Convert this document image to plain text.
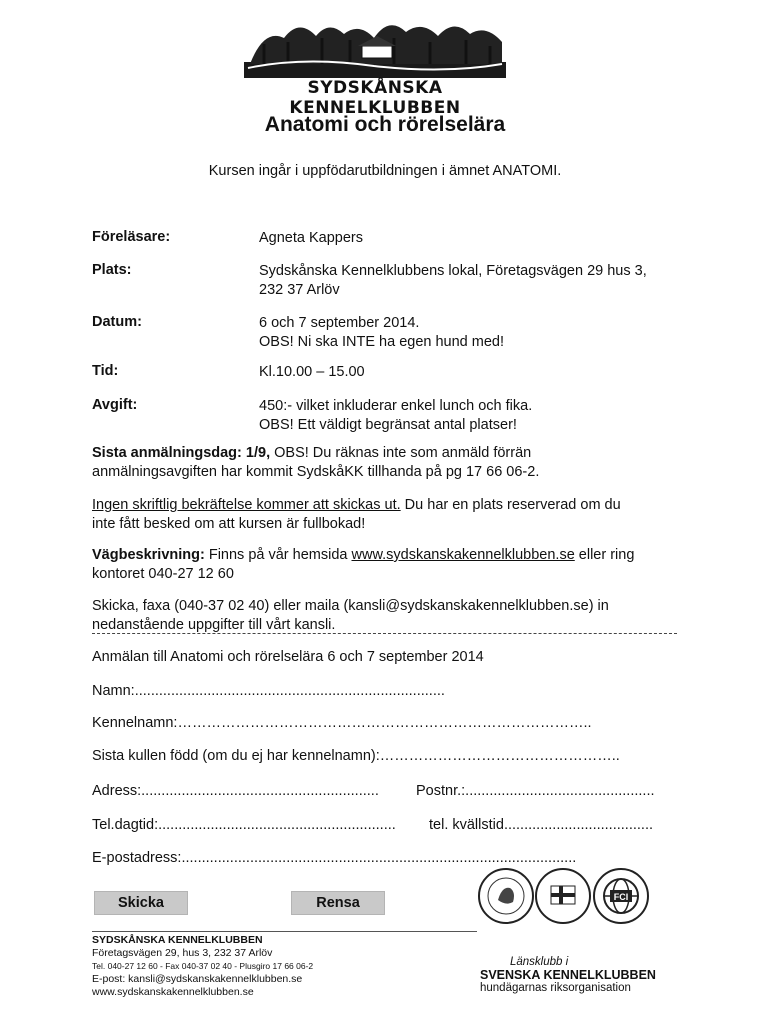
SYDSKÅNSKA KENNELKLUBBEN
Anatomi och rörelselära
Kursen ingår i uppfödarutbildningen i ämnet ANATOMI.
Föreläsare:	Agneta Kappers
Plats:	Sydskånska Kennelklubbens lokal, Företagsvägen 29 hus 3,
232 37 Arlöv
Datum:	6 och 7 september 2014.
OBS! Ni ska INTE ha egen hund med!
Tid:	Kl.10.00 – 15.00
Avgift:	450:- vilket inkluderar enkel lunch och fika.
OBS! Ett väldigt begränsat antal platser!
Sista anmälningsdag: 1/9, OBS! Du räknas inte som anmäld förrän
anmälningsavgiften har kommit SydskåKK tillhanda på pg 17 66 06-2.
Ingen skriftlig bekräftelse kommer att skickas ut. Du har en plats reserverad om du
inte fått besked om att kursen är fullbokad!
Vägbeskrivning: Finns på vår hemsida www.sydskanskakennelklubben.se eller ring
kontoret 040-27 12 60
Skicka, faxa (040-37 02 40) eller maila (kansli@sydskanskakennelklubben.se) in
nedanstående uppgifter till vårt kansli.
Anmälan till Anatomi och rörelselära 6 och 7 september 2014
Namn:.............................................................................
Kennelnamn:…………………………………………………………………………..
Sista kullen född (om du ej har kennelnamn):…………………………………………..
Adress:...........................................................	Postnr.:...............................................
Tel.dagtid:........................................................... tel. kvällstid.....................................
E-postadress:..................................................................................................
Skicka	Rensa	FCI
SYDSKÅNSKA KENNELKLUBBEN
Företagsvägen 29, hus 3, 232 37 Arlöv
Tel. 040-27 12 60 - Fax 040-37 02 40 - Plusgiro 17 66 06-2
E-post: kansli@sydskanskakennelklubben.se
www.sydskanskakennelklubben.se
Länsklubb i
SVENSKA KENNELKLUBBEN
hundägarnas riksorganisation
